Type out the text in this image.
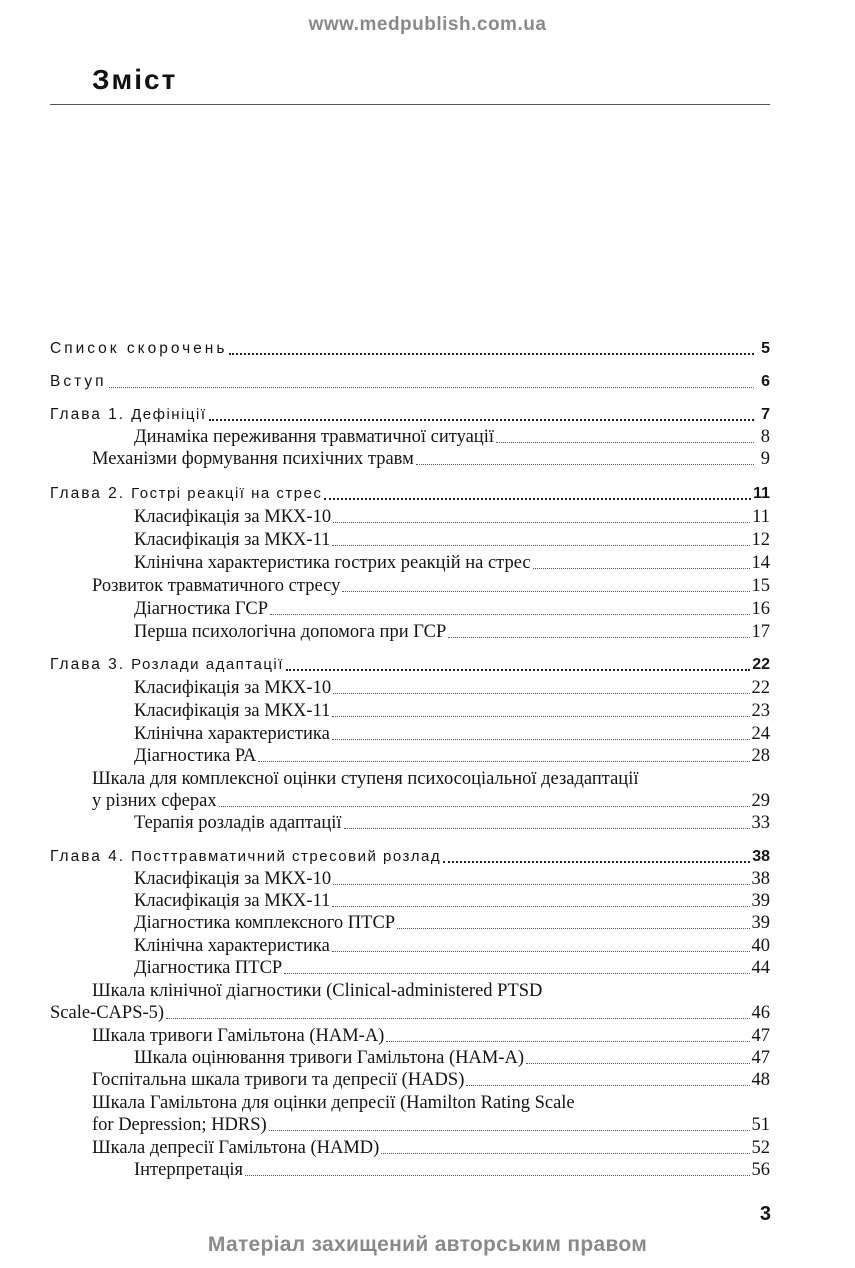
www.medpublish.com.ua
Зміст
Список скорочень	5
Вступ	6
Глава 1. Дефініції	7
Динаміка переживання травматичної ситуації	8
Механізми формування психічних травм	9
Глава 2. Гострі реакції на стрес	11
Класифікація за МКХ-10	11
Класифікація за МКХ-11	12
Клінічна характеристика гострих реакцій на стрес	14
Розвиток травматичного стресу	15
Діагностика ГСР	16
Перша психологічна допомога при ГСР	17
Глава 3. Розлади адаптації	22
Класифікація за МКХ-10	22
Класифікація за МКХ-11	23
Клінічна характеристика	24
Діагностика РА	28
Шкала для комплексної оцінки ступеня психосоціальної дезадаптації
у різних сферах	29
Терапія розладів адаптації	33
Глава 4. Посттравматичний стресовий розлад	38
Класифікація за МКХ-10	38
Класифікація за МКХ-11	39
Діагностика комплексного ПТСР	39
Клінічна характеристика	40
Діагностика ПТСР	44
Шкала клінічної діагностики (Clinical-administered PTSD
Scale-CAPS-5)	46
Шкала тривоги Гамільтона (НАМ-А)	47
Шкала оцінювання тривоги Гамільтона (НАМ-А)	47
Госпітальна шкала тривоги та депресії (HADS)	48
Шкала Гамільтона для оцінки депресії (Hamilton Rating Scale
for Depression; HDRS)	51
Шкала депресії Гамільтона (HAMD)	52
Інтерпретація	56
3
Матеріал захищений авторським правом
